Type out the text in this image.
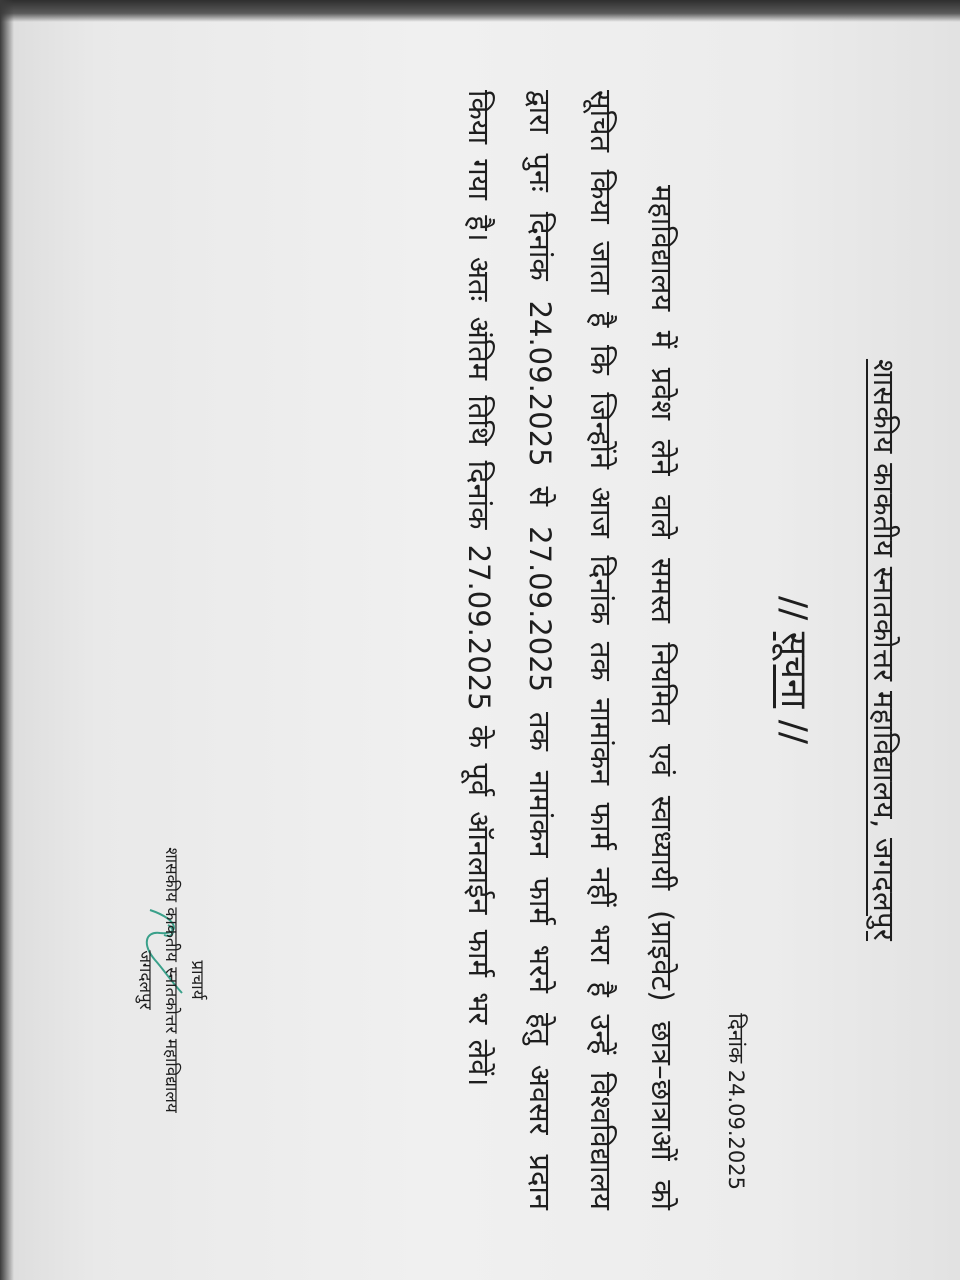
शासकीय काकतीय स्नातकोत्तर महाविद्यालय, जगदलपुर
// सूचना //
दिनांक 24.09.2025
महाविद्यालय में प्रवेश लेने वाले समस्त नियमित एवं स्वाध्यायी (प्राइवेट) छात्र–छात्राओं को सूचित किया जाता है कि जिन्होंने आज दिनांक तक नामांकन फार्म नहीं भरा है उन्हें विश्वविद्यालय द्वारा पुनः दिनांक 24.09.2025 से 27.09.2025 तक नामांकन फार्म भरने हेतु अवसर प्रदान किया गया है। अतः अंतिम तिथि दिनांक 27.09.2025 के पूर्व ऑनलाईन फार्म भर लेवें।
प्राचार्य
शासकीय काकतीय स्नातकोत्तर महाविद्यालय
जगदलपुर
